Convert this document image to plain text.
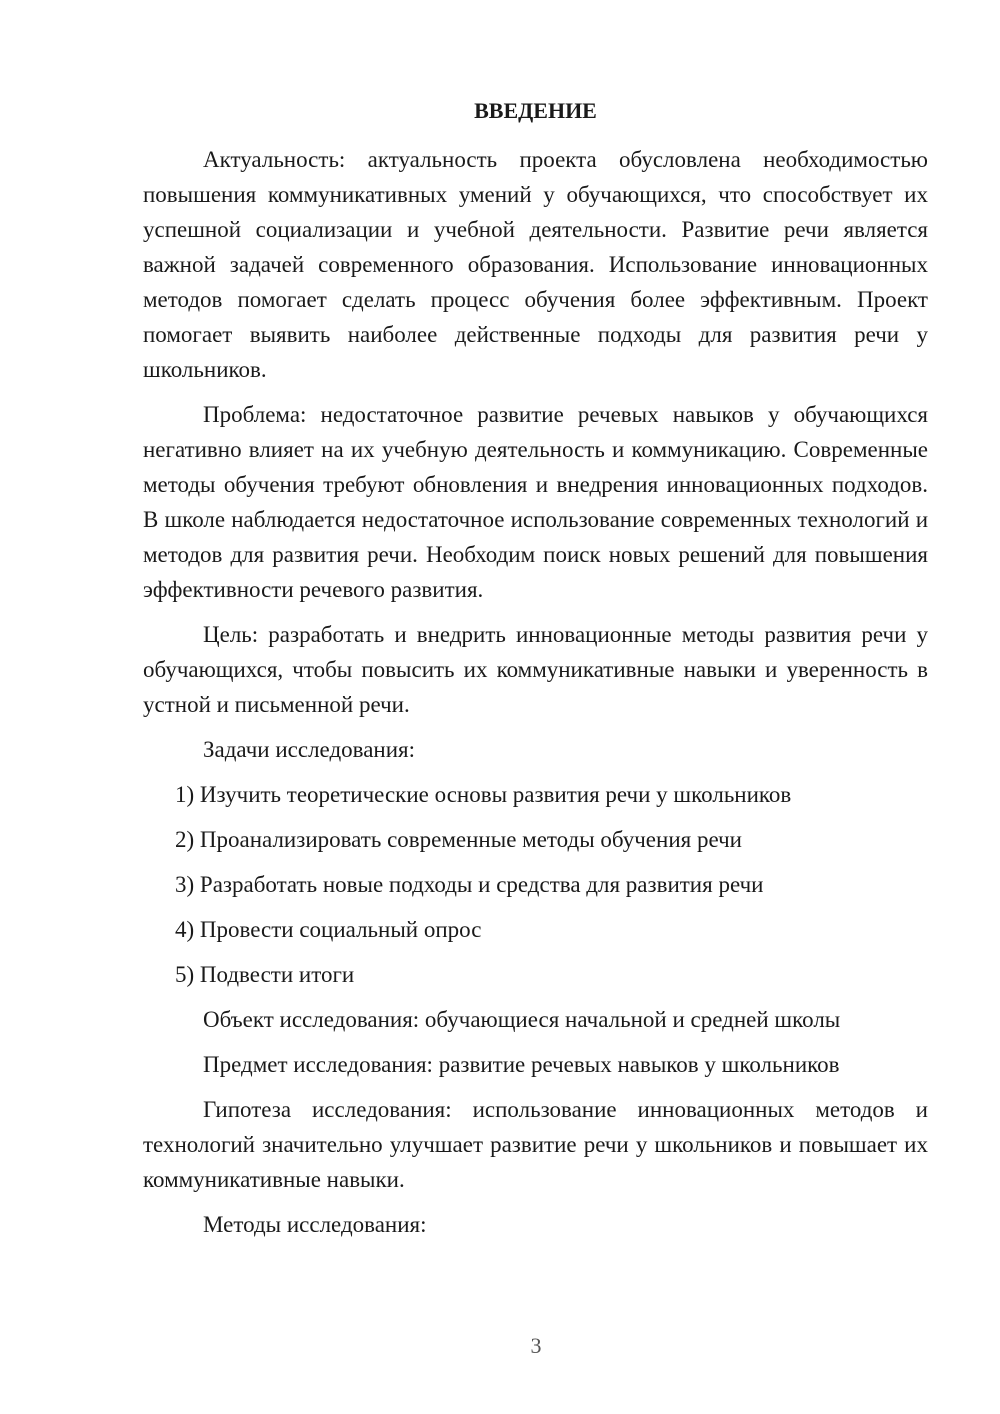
ВВЕДЕНИЕ

Актуальность: актуальность проекта обусловлена необходимостью повышения коммуникативных умений у обучающихся, что способствует их успешной социализации и учебной деятельности. Развитие речи является важной задачей современного образования. Использование инновационных методов помогает сделать процесс обучения более эффективным. Проект помогает выявить наиболее действенные подходы для развития речи у школьников.

Проблема: недостаточное развитие речевых навыков у обучающихся негативно влияет на их учебную деятельность и коммуникацию. Современные методы обучения требуют обновления и внедрения инновационных подходов. В школе наблюдается недостаточное использование современных технологий и методов для развития речи. Необходим поиск новых решений для повышения эффективности речевого развития.

Цель: разработать и внедрить инновационные методы развития речи у обучающихся, чтобы повысить их коммуникативные навыки и уверенность в устной и письменной речи.

Задачи исследования:

1) Изучить теоретические основы развития речи у школьников

2) Проанализировать современные методы обучения речи

3) Разработать новые подходы и средства для развития речи

4) Провести социальный опрос

5) Подвести итоги

Объект исследования: обучающиеся начальной и средней школы

Предмет исследования: развитие речевых навыков у школьников

Гипотеза исследования: использование инновационных методов и технологий значительно улучшает развитие речи у школьников и повышает их коммуникативные навыки.

Методы исследования:

3
